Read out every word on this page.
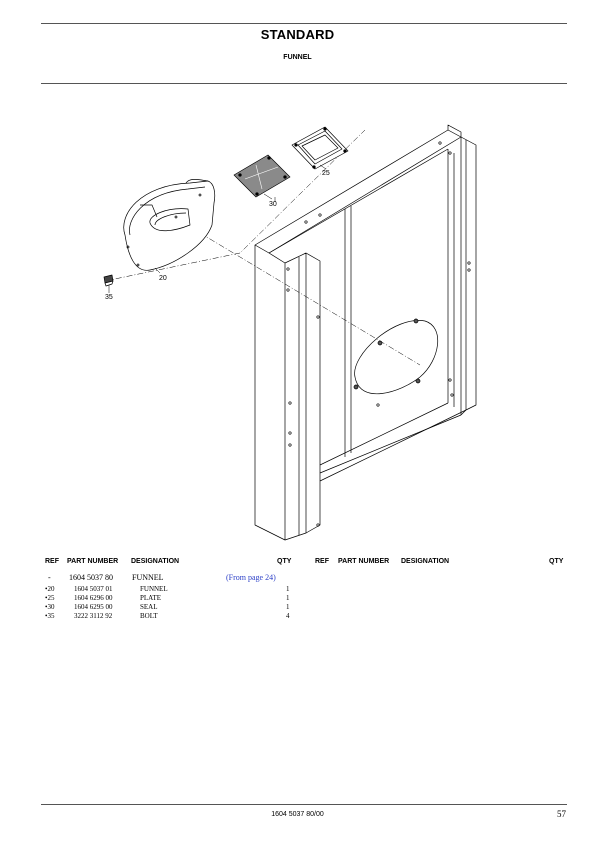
STANDARD
FUNNEL
25
30
20
35
REF PART NUMBER DESIGNATION	QTY	REF PART NUMBER DESIGNATION	QTY
- 1604 5037 80 FUNNEL	(From page 24)
•20	1604 5037 01	FUNNEL	1
•25	1604 6296 00	PLATE	1
•30	1604 6295 00	SEAL	1
•35	3222 3112 92	BOLT	4
1604 5037 80/00	57
